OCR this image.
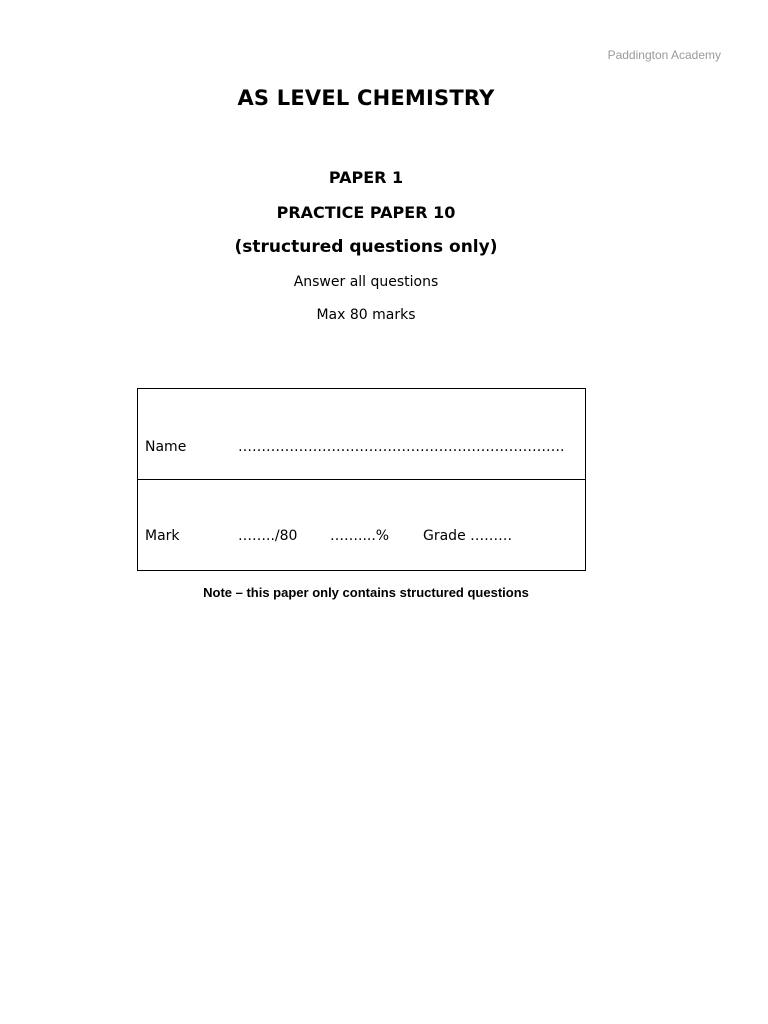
Paddington Academy
AS LEVEL CHEMISTRY
PAPER 1
PRACTICE PAPER 10
(structured questions only)
Answer all questions
Max 80 marks
Name	…………………………………………………………….
Mark	……../80 ……....% Grade ………
Note – this paper only contains structured questions
